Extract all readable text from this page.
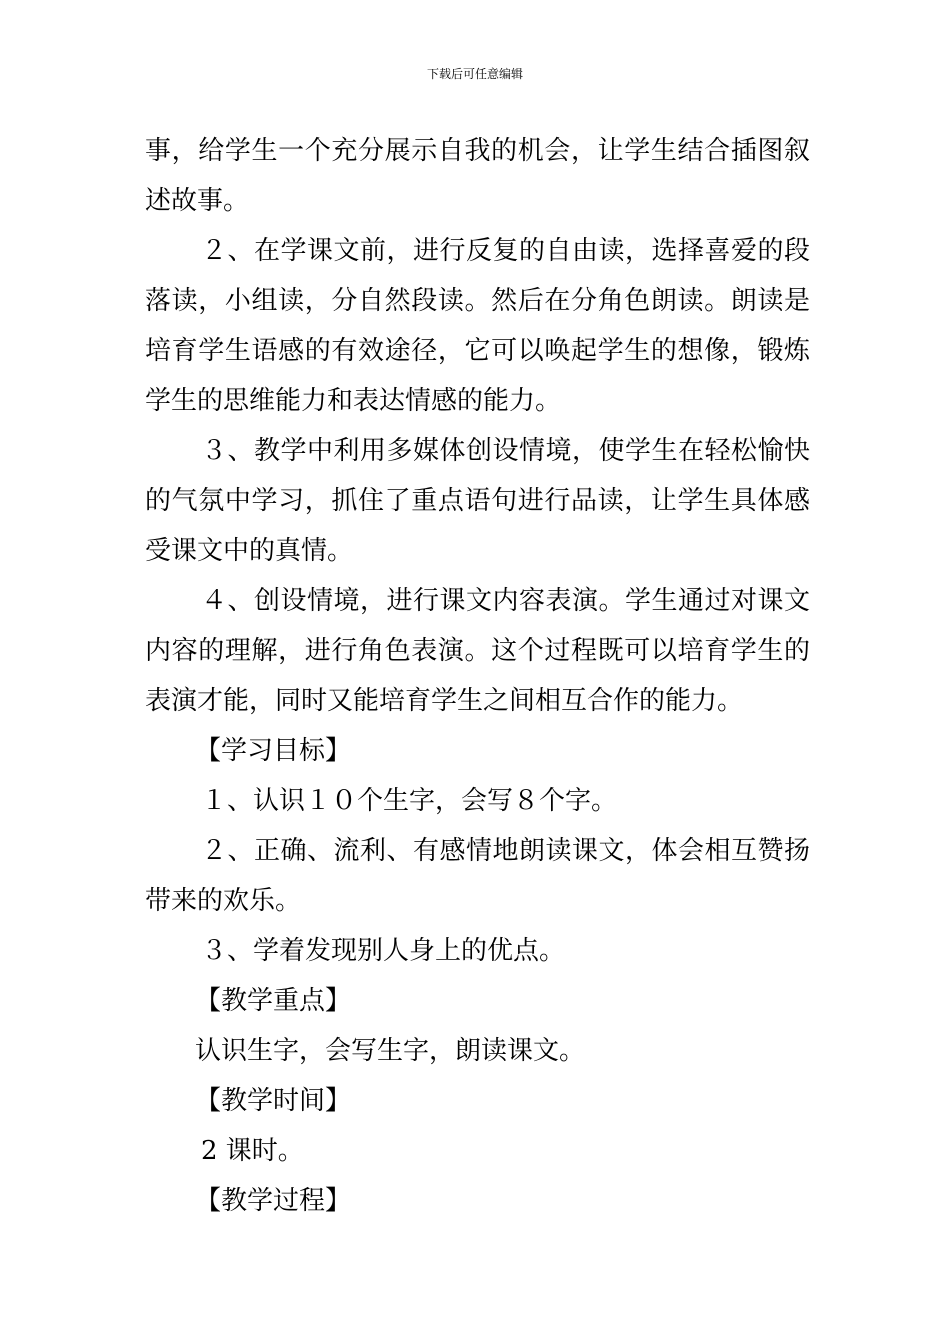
下载后可任意编辑

事，给学生一个充分展示自我的机会，让学生结合插图叙述故事。

２、在学课文前，进行反复的自由读，选择喜爱的段落读，小组读，分自然段读。然后在分角色朗读。朗读是培育学生语感的有效途径，它可以唤起学生的想像，锻炼学生的思维能力和表达情感的能力。

３、教学中利用多媒体创设情境，使学生在轻松愉快的气氛中学习，抓住了重点语句进行品读，让学生具体感受课文中的真情。

４、创设情境，进行课文内容表演。学生通过对课文内容的理解，进行角色表演。这个过程既可以培育学生的表演才能，同时又能培育学生之间相互合作的能力。

【学习目标】

１、认识１０个生字，会写８个字。

２、正确、流利、有感情地朗读课文，体会相互赞扬带来的欢乐。

３、学着发现别人身上的优点。

【教学重点】

认识生字，会写生字，朗读课文。

【教学时间】

2 课时。

【教学过程】
